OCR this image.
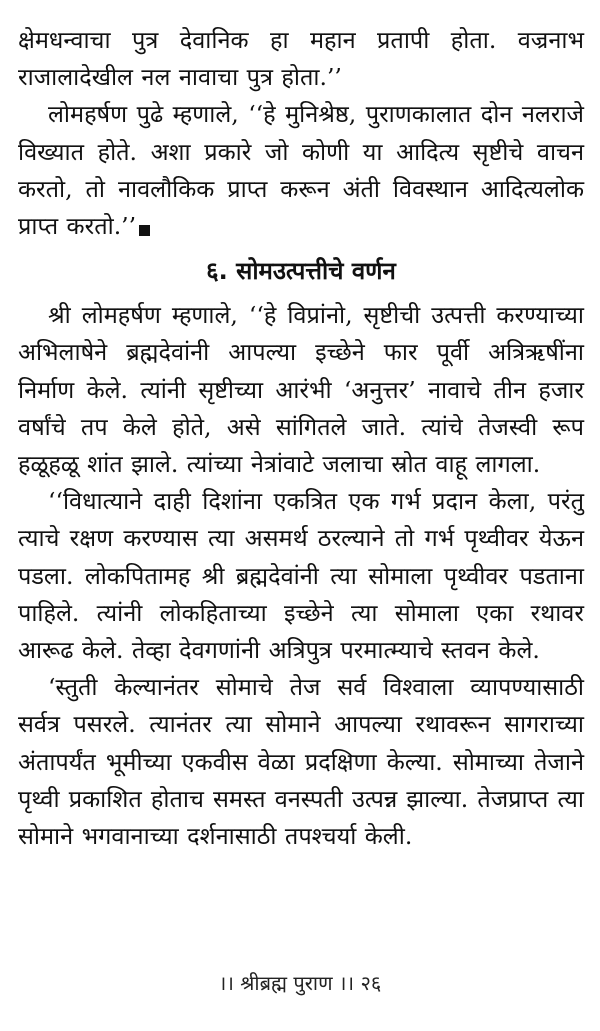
क्षेमधन्वाचा पुत्र देवानिक हा महान प्रतापी होता. वज्रनाभ राजालादेखील नल नावाचा पुत्र होता.’’

लोमहर्षण पुढे म्हणाले, ‘‘हे मुनिश्रेष्ठ, पुराणकालात दोन नलराजे विख्यात होते. अशा प्रकारे जो कोणी या आदित्य सृष्टीचे वाचन करतो, तो नावलौकिक प्राप्त करून अंती विवस्थान आदित्यलोक प्राप्त करतो.’’

६. सोमउत्पत्तीचे वर्णन

श्री लोमहर्षण म्हणाले, ‘‘हे विप्रांनो, सृष्टीची उत्पत्ती करण्याच्या अभिलाषेने ब्रह्मदेवांनी आपल्या इच्छेने फार पूर्वी अत्रिऋषींना निर्माण केले. त्यांनी सृष्टीच्या आरंभी ‘अनुत्तर’ नावाचे तीन हजार वर्षांचे तप केले होते, असे सांगितले जाते. त्यांचे तेजस्वी रूप हळूहळू शांत झाले. त्यांच्या नेत्रांवाटे जलाचा स्रोत वाहू लागला.

‘‘विधात्याने दाही दिशांना एकत्रित एक गर्भ प्रदान केला, परंतु त्याचे रक्षण करण्यास त्या असमर्थ ठरल्याने तो गर्भ पृथ्वीवर येऊन पडला. लोकपितामह श्री ब्रह्मदेवांनी त्या सोमाला पृथ्वीवर पडताना पाहिले. त्यांनी लोकहिताच्या इच्छेने त्या सोमाला एका रथावर आरूढ केले. तेव्हा देवगणांनी अत्रिपुत्र परमात्म्याचे स्तवन केले.

‘स्तुती केल्यानंतर सोमाचे तेज सर्व विश्वाला व्यापण्यासाठी सर्वत्र पसरले. त्यानंतर त्या सोमाने आपल्या रथावरून सागराच्या अंतापर्यंत भूमीच्या एकवीस वेळा प्रदक्षिणा केल्या. सोमाच्या तेजाने पृथ्वी प्रकाशित होताच समस्त वनस्पती उत्पन्न झाल्या. तेजप्राप्त त्या सोमाने भगवानाच्या दर्शनासाठी तपश्चर्या केली.

।। श्रीब्रह्म पुराण ।। २६
